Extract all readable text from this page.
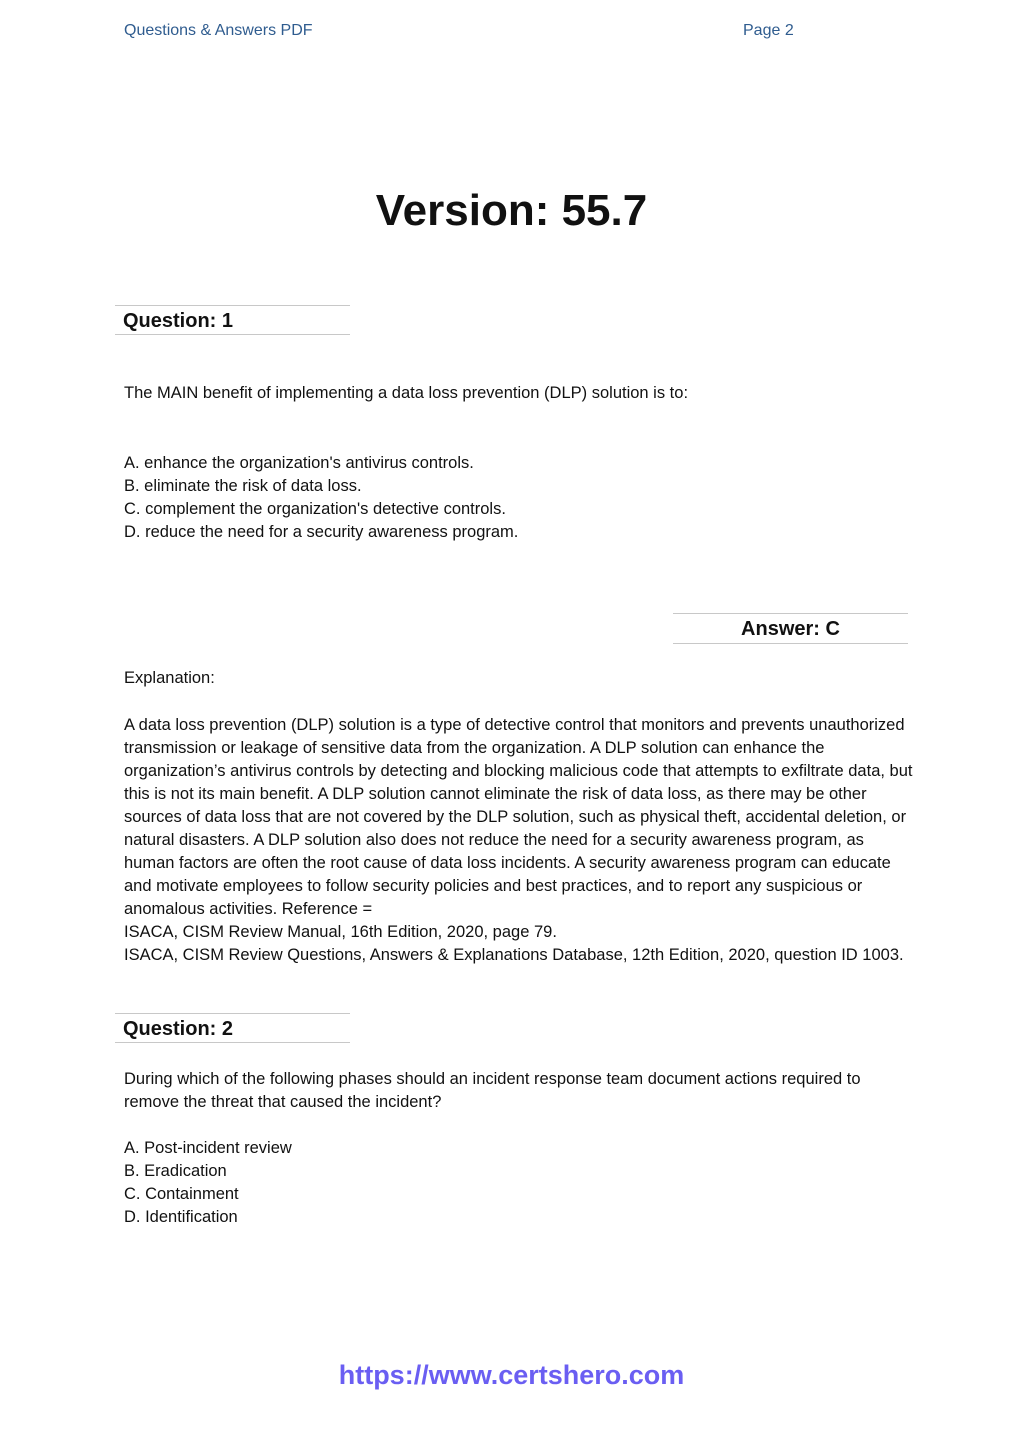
Questions & Answers PDF	Page 2
Version: 55.7
Question: 1
The MAIN benefit of implementing a data loss prevention (DLP) solution is to:
A. enhance the organization's antivirus controls.
B. eliminate the risk of data loss.
C. complement the organization's detective controls.
D. reduce the need for a security awareness program.
Answer: C
Explanation:
A data loss prevention (DLP) solution is a type of detective control that monitors and prevents unauthorized transmission or leakage of sensitive data from the organization. A DLP solution can enhance the organization’s antivirus controls by detecting and blocking malicious code that attempts to exfiltrate data, but this is not its main benefit. A DLP solution cannot eliminate the risk of data loss, as there may be other sources of data loss that are not covered by the DLP solution, such as physical theft, accidental deletion, or natural disasters. A DLP solution also does not reduce the need for a security awareness program, as human factors are often the root cause of data loss incidents. A security awareness program can educate and motivate employees to follow security policies and best practices, and to report any suspicious or anomalous activities. Reference =
ISACA, CISM Review Manual, 16th Edition, 2020, page 79.
ISACA, CISM Review Questions, Answers & Explanations Database, 12th Edition, 2020, question ID 1003.
Question: 2
During which of the following phases should an incident response team document actions required to remove the threat that caused the incident?
A. Post-incident review
B. Eradication
C. Containment
D. Identification
https://www.certshero.com
